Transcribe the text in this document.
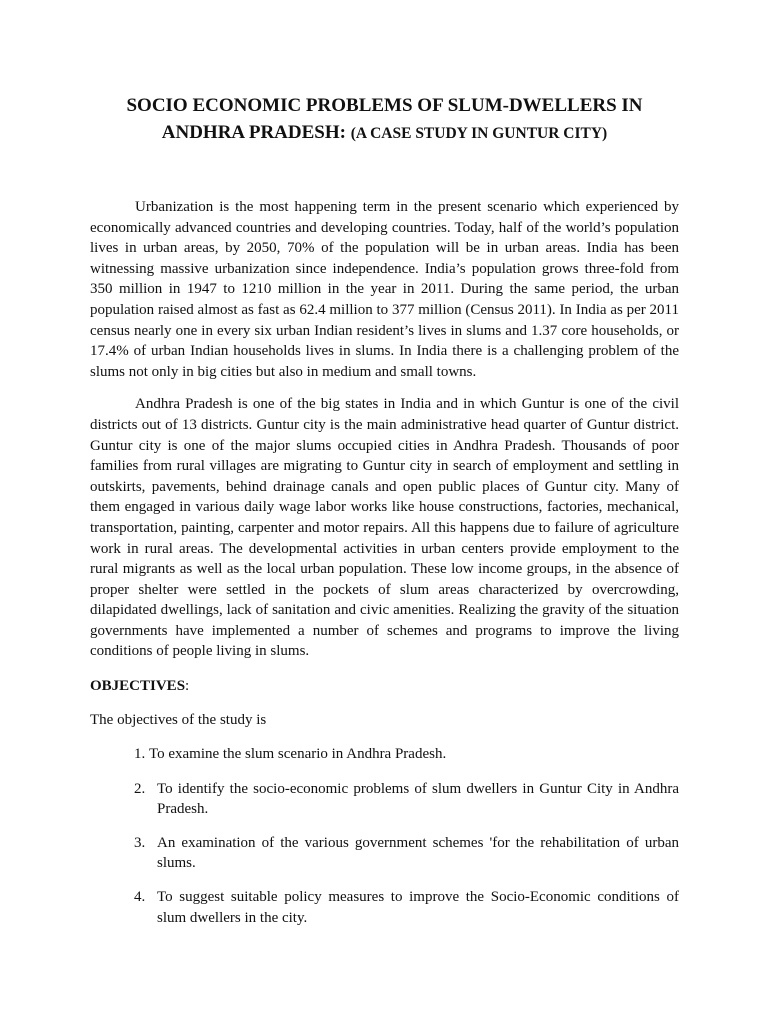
SOCIO ECONOMIC PROBLEMS OF SLUM-DWELLERS IN ANDHRA PRADESH: (A CASE STUDY IN GUNTUR CITY)

Urbanization is the most happening term in the present scenario which experienced by economically advanced countries and developing countries. Today, half of the world’s population lives in urban areas, by 2050, 70% of the population will be in urban areas. India has been witnessing massive urbanization since independence. India’s population grows three-fold from 350 million in 1947 to 1210 million in the year in 2011. During the same period, the urban population raised almost as fast as 62.4 million to 377 million (Census 2011). In India as per 2011 census nearly one in every six urban Indian resident’s lives in slums and 1.37 core households, or 17.4% of urban Indian households lives in slums. In India there is a challenging problem of the slums not only in big cities but also in medium and small towns.

Andhra Pradesh is one of the big states in India and in which Guntur is one of the civil districts out of 13 districts. Guntur city is the main administrative head quarter of Guntur district. Guntur city is one of the major slums occupied cities in Andhra Pradesh. Thousands of poor families from rural villages are migrating to Guntur city in search of employment and settling in outskirts, pavements, behind drainage canals and open public places of Guntur city. Many of them engaged in various daily wage labor works like house constructions, factories, mechanical, transportation, painting, carpenter and motor repairs. All this happens due to failure of agriculture work in rural areas. The developmental activities in urban centers provide employment to the rural migrants as well as the local urban population. These low income groups, in the absence of proper shelter were settled in the pockets of slum areas characterized by overcrowding, dilapidated dwellings, lack of sanitation and civic amenities. Realizing the gravity of the situation governments have implemented a number of schemes and programs to improve the living conditions of people living in slums.

OBJECTIVES:

The objectives of the study is

1. To examine the slum scenario in Andhra Pradesh.
2. To identify the socio-economic problems of slum dwellers in Guntur City in Andhra Pradesh.
3. An examination of the various government schemes 'for the rehabilitation of urban slums.
4. To suggest suitable policy measures to improve the Socio-Economic conditions of slum dwellers in the city.
